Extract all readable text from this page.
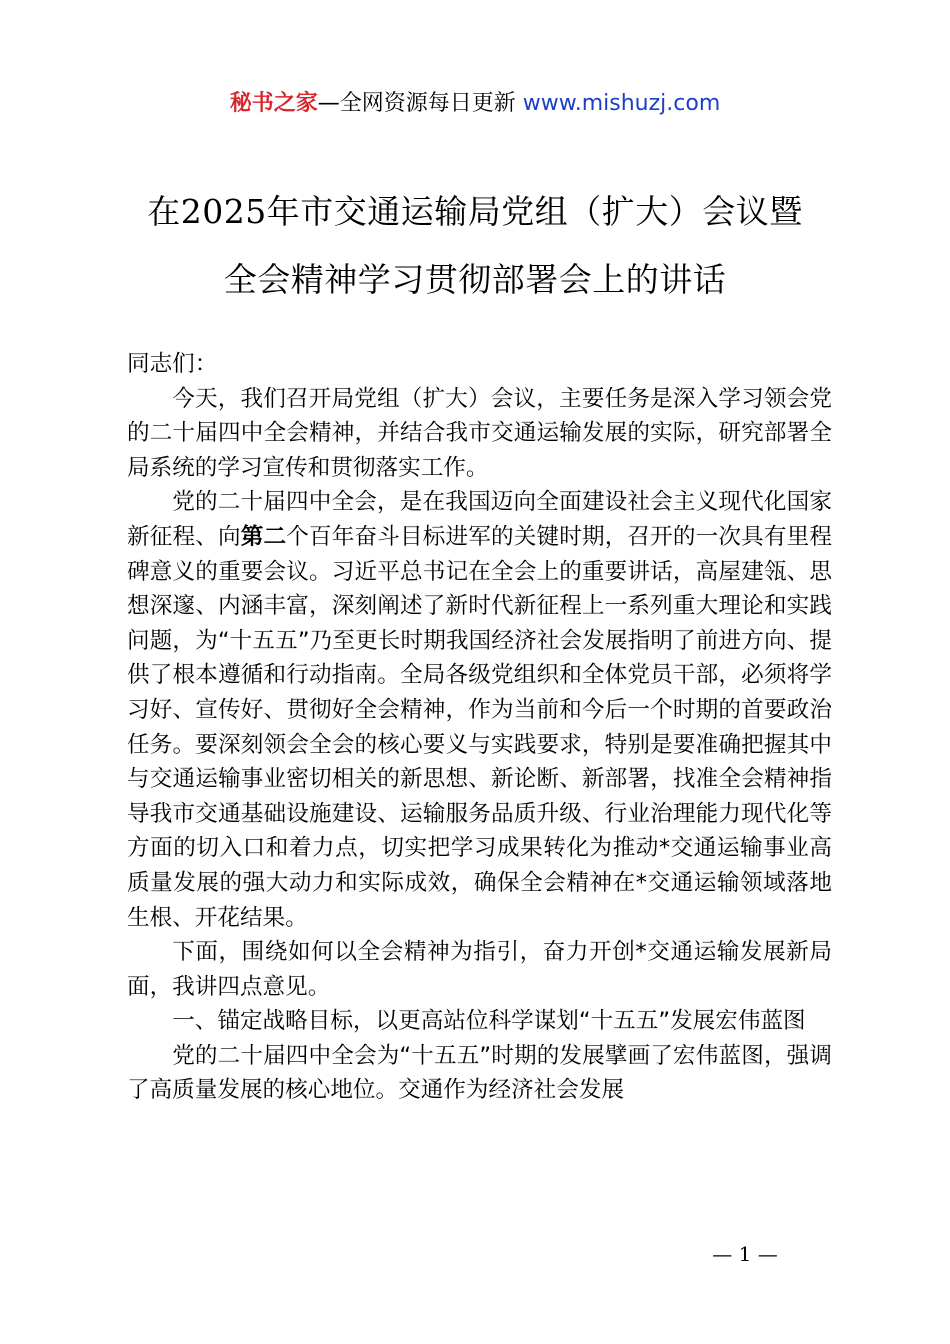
秘书之家—全网资源每日更新 www.mishuzj.com
在2025年市交通运输局党组（扩大）会议暨
全会精神学习贯彻部署会上的讲话

同志们：

今天，我们召开局党组（扩大）会议，主要任务是深入学习领会党的二十届四中全会精神，并结合我市交通运输发展的实际，研究部署全局系统的学习宣传和贯彻落实工作。

党的二十届四中全会，是在我国迈向全面建设社会主义现代化国家新征程、向第二个百年奋斗目标进军的关键时期，召开的一次具有里程碑意义的重要会议。习近平总书记在全会上的重要讲话，高屋建瓴、思想深邃、内涵丰富，深刻阐述了新时代新征程上一系列重大理论和实践问题，为“十五五”乃至更长时期我国经济社会发展指明了前进方向、提供了根本遵循和行动指南。全局各级党组织和全体党员干部，必须将学习好、宣传好、贯彻好全会精神，作为当前和今后一个时期的首要政治任务。要深刻领会全会的核心要义与实践要求，特别是要准确把握其中与交通运输事业密切相关的新思想、新论断、新部署，找准全会精神指导我市交通基础设施建设、运输服务品质升级、行业治理能力现代化等方面的切入口和着力点，切实把学习成果转化为推动*交通运输事业高质量发展的强大动力和实际成效，确保全会精神在*交通运输领域落地生根、开花结果。

下面，围绕如何以全会精神为指引，奋力开创*交通运输发展新局面，我讲四点意见。

一、锚定战略目标，以更高站位科学谋划“十五五”发展宏伟蓝图

党的二十届四中全会为“十五五”时期的发展擘画了宏伟蓝图，强调了高质量发展的核心地位。交通作为经济社会发展

— 1 —
